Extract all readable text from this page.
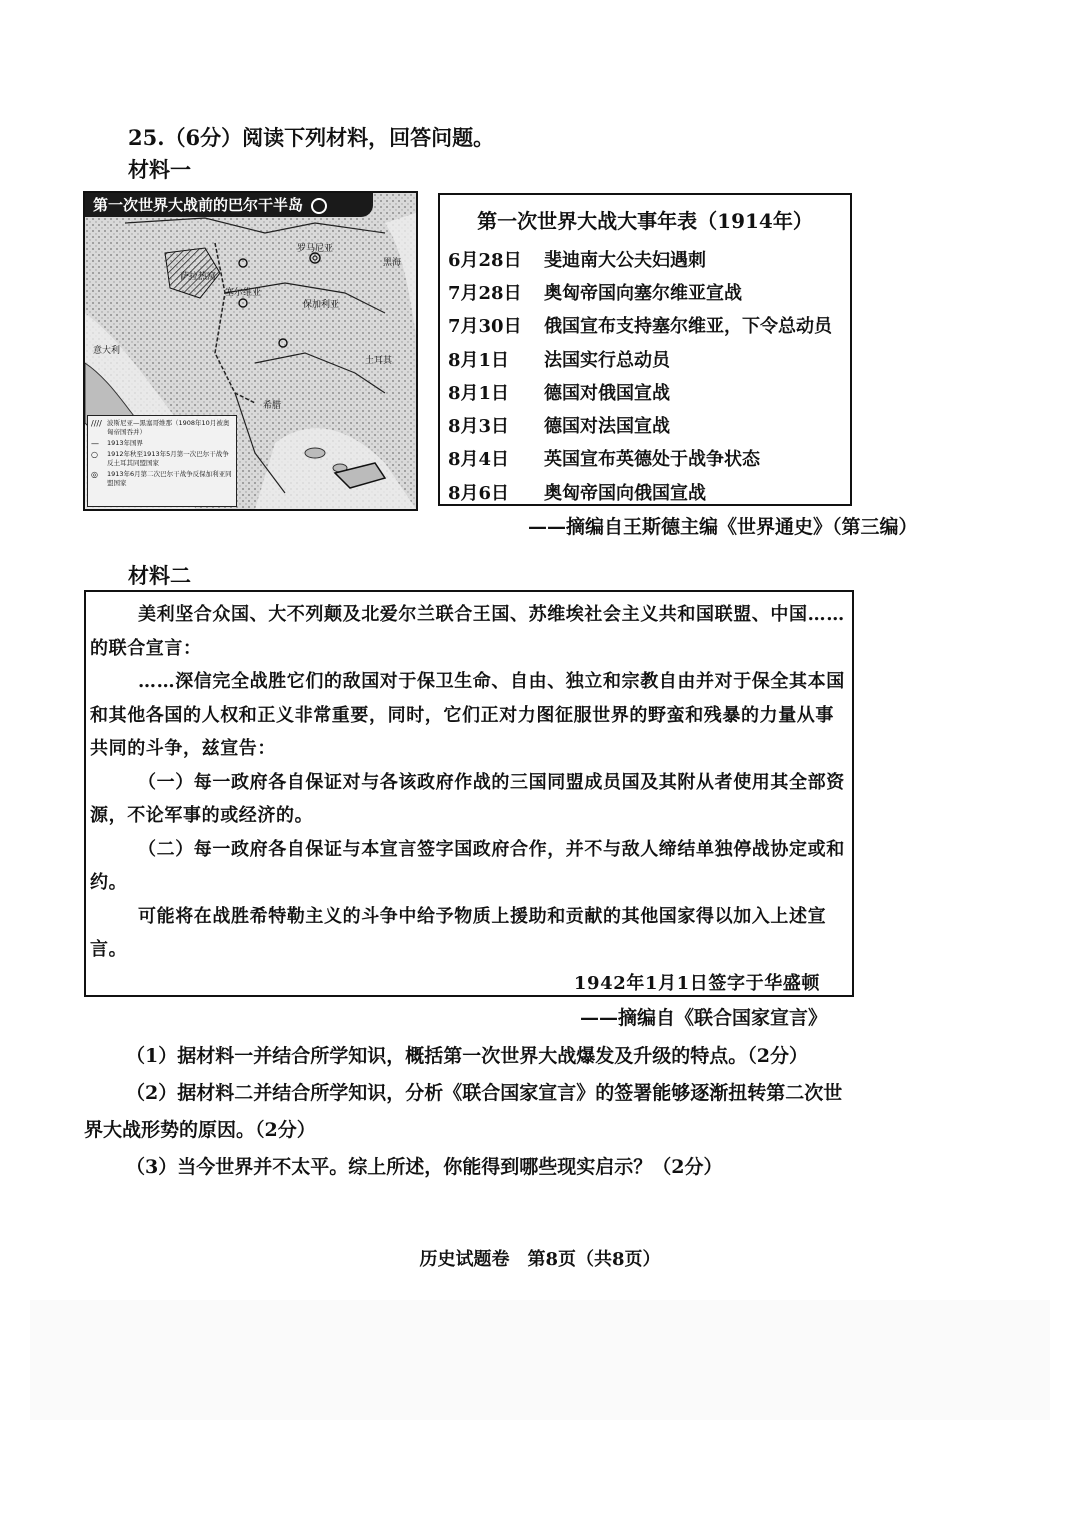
25.（6分）阅读下列材料，回答问题。
材料一
第一次世界大战前的巴尔干半岛
罗马尼亚
萨拉热窝
塞尔维亚
保加利亚
意大利
希腊
土耳其
黑海
//// 波斯尼亚—黑塞哥维那（1908年10月被奥匈帝国吞并）
—	1913年国界
○	1912年秋至1913年5月第一次巴尔干战争反土耳其同盟国家
◎	1913年6月第二次巴尔干战争反保加利亚同盟国家
第一次世界大战大事年表（1914年）
6月28日	斐迪南大公夫妇遇刺
7月28日	奥匈帝国向塞尔维亚宣战
7月30日	俄国宣布支持塞尔维亚，下令总动员
8月1日	法国实行总动员
8月1日	德国对俄国宣战
8月3日	德国对法国宣战
8月4日	英国宣布英德处于战争状态
8月6日	奥匈帝国向俄国宣战
——摘编自王斯德主编《世界通史》（第三编）
材料二

美利坚合众国、大不列颠及北爱尔兰联合王国、苏维埃社会主义共和国联盟、中国……的联合宣言：

……深信完全战胜它们的敌国对于保卫生命、自由、独立和宗教自由并对于保全其本国和其他各国的人权和正义非常重要，同时，它们正对力图征服世界的野蛮和残暴的力量从事共同的斗争，兹宣告：

（一）每一政府各自保证对与各该政府作战的三国同盟成员国及其附从者使用其全部资源，不论军事的或经济的。

（二）每一政府各自保证与本宣言签字国政府合作，并不与敌人缔结单独停战协定或和约。

可能将在战胜希特勒主义的斗争中给予物质上援助和贡献的其他国家得以加入上述宣言。

1942年1月1日签字于华盛顿

——摘编自《联合国家宣言》

（1）据材料一并结合所学知识，概括第一次世界大战爆发及升级的特点。（2分）

（2）据材料二并结合所学知识，分析《联合国家宣言》的签署能够逐渐扭转第二次世界大战形势的原因。（2分）

（3）当今世界并不太平。综上所述，你能得到哪些现实启示？（2分）

历史试题卷　第8页（共8页）
